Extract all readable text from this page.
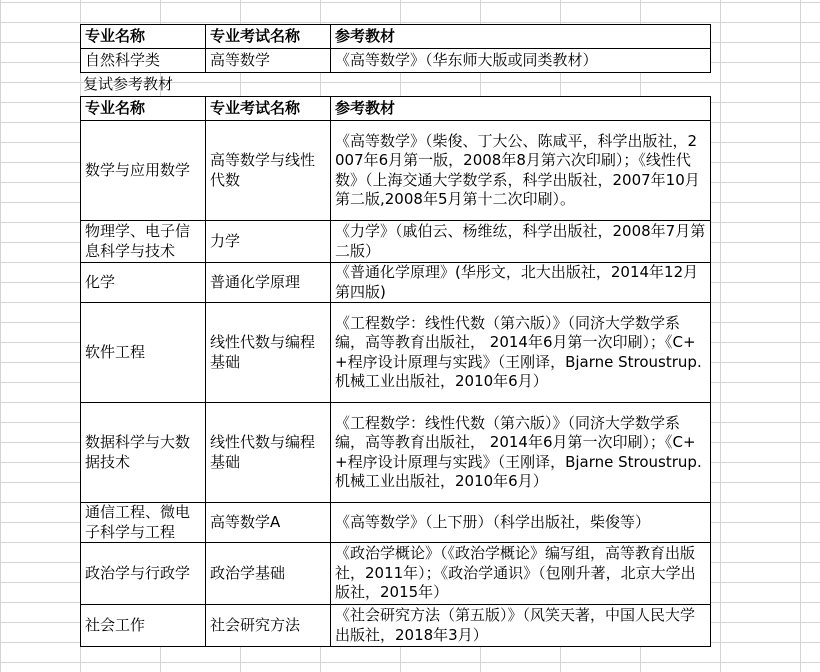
专业名称	专业考试名称	参考教材
自然科学类	高等数学	《高等数学》（华东师大版或同类教材）
复试参考教材
专业名称	专业考试名称	参考教材
数学与应用数学	高等数学与线性代数	《高等数学》（柴俊、丁大公、陈咸平，科学出版社，2007年6月第一版，2008年8月第六次印刷）；《线性代数》（上海交通大学数学系，科学出版社，2007年10月第二版,2008年5月第十二次印刷）。
物理学、电子信息科学与技术	力学	《力学》（戚伯云、杨维纮，科学出版社，2008年7月第二版）
化学	普通化学原理	《普通化学原理》(华彤文，北大出版社，2014年12月第四版)
软件工程	线性代数与编程基础	《工程数学：线性代数（第六版）》（同济大学数学系编，高等教育出版社， 2014年6月第一次印刷）；《C++程序设计原理与实践》（王刚译，Bjarne Stroustrup.机械工业出版社，2010年6月）
数据科学与大数据技术	线性代数与编程基础	《工程数学：线性代数（第六版）》（同济大学数学系编，高等教育出版社， 2014年6月第一次印刷）；《C++程序设计原理与实践》（王刚译，Bjarne Stroustrup.机械工业出版社，2010年6月）
通信工程、微电子科学与工程	高等数学A	《高等数学》（上下册）（科学出版社，柴俊等）
政治学与行政学	政治学基础	《政治学概论》（《政治学概论》编写组，高等教育出版社，2011年）；《政治学通识》（包刚升著，北京大学出版社，2015年）
社会工作	社会研究方法	《社会研究方法（第五版）》（风笑天著，中国人民大学出版社，2018年3月）
